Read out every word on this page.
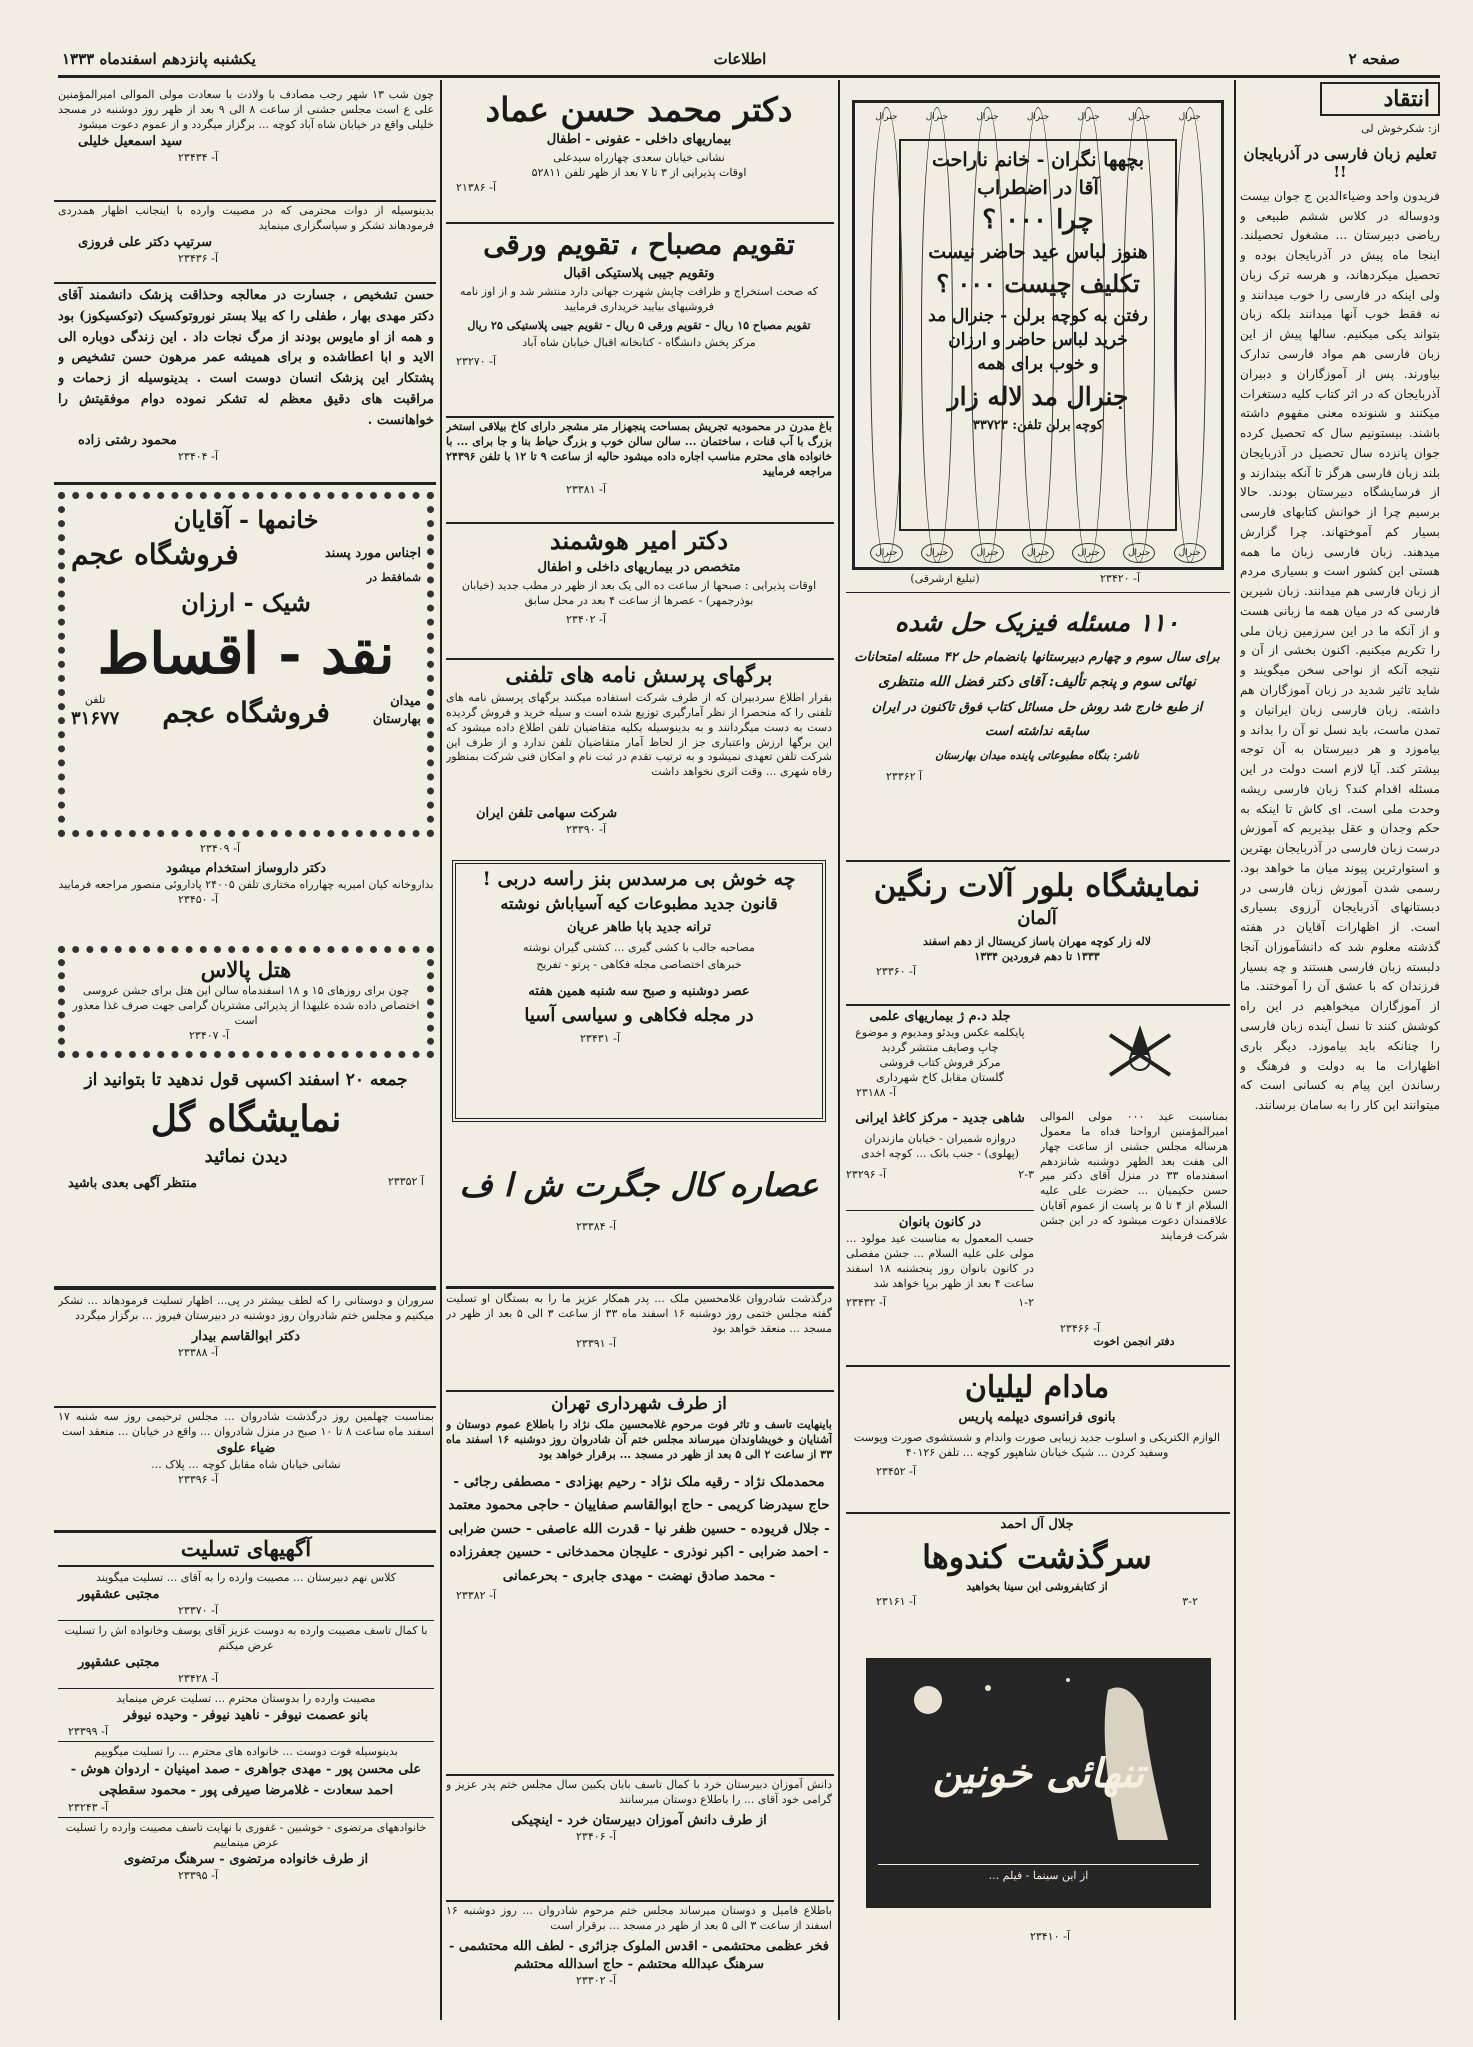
یکشنبه پانزدهم اسفندماه ۱۳۳۳	اطلاعات	صفحه ۲
انتقاد
از: شکرخوش لی
تعلیم زبان فارسی در آذربایجان !!
فریدون واحد وضیاءالدین ج جوان بیست ودوساله در کلاس ششم طبیعی و ریاضی دبیرستان ... مشغول تحصیلند. اینجا ماه پیش در آذربایجان بوده و تحصیل میکردهاند، و هرسه ترک زبان ولی اینکه در فارسی را خوب میدانند و نه فقط خوب آنها میدانند بلکه زبان بتواند یکی میکنیم. سالها پیش از این زبان فارسی هم مواد فارسی تدارک بیاورند. پس از آموزگاران و دبیران آذربایجان که در اثر کتاب کلیه دستغرات میکنند و شنونده معنی مفهوم داشته باشند. بیستونیم سال که تحصیل کرده جوان پانزده سال تحصیل در آذربایجان بلند زبان فارسی هرگز تا آنکه بیندازند و از فرسایشگاه دبیرستان بودند. حالا برسیم چرا از خوانش کتابهای فارسی بسیار کم آموختهاند. چرا گزارش میدهند. زبان فارسی زبان ما همه هستی این کشور است و بسیاری مردم از زبان فارسی هم میدانند. زبان شیرین فارسی که در میان همه ما زبانی هست و از آنکه ما در این سرزمین زبان ملی را تکریم میکنیم. اکنون بخشی از آن و نتیجه آنکه از نواحی سخن میگویند و شاید تاثیر شدید در زبان آموزگاران هم داشته. زبان فارسی زبان ایرانیان و تمدن ماست، باید نسل نو آن را بداند و بیاموزد و هر دبیرستان به آن توجه بیشتر کند. آیا لازم است دولت در این مسئله اقدام کند؟ زبان فارسی ریشه وحدت ملی است. ای کاش تا اینکه به حکم وجدان و عقل بپذیریم که آموزش درست زبان فارسی در آذربایجان بهترین و استوارترین پیوند میان ما خواهد بود. رسمی شدن آموزش زبان فارسی در دبستانهای آذربایجان آرزوی بسیاری است. از اظهارات آقایان در هفته گذشته معلوم شد که دانشآموزان آنجا دلبسته زبان فارسی هستند و چه بسیار فرزندان که با عشق آن را آموختند. ما از آموزگاران میخواهیم در این راه کوشش کنند تا نسل آینده زبان فارسی را چنانکه باید بیاموزد. دیگر باری اظهارات ما به دولت و فرهنگ و رساندن این پیام به کسانی است که میتوانند این کار را به سامان برسانند.
جنرال
جنرال
جنرال
جنرال
جنرال
جنرال
جنرال
جنرال
جنرال
جنرال
جنرال
جنرال
جنرال
جنرال
بچهها نگران - خانم ناراحت
آقا در اضطراب
چرا ۰۰۰ ؟
هنوز لباس عید حاضر نیست
تکلیف چیست ۰۰۰ ؟
رفتن به کوچه برلن - جنرال مد
خرید لباس حاضر و ارزان
و خوب برای همه
جنرال مد لاله زار
کوچه برلن تلفن: ۳۳۷۲۳
(تبلیغ ارشرقی)	آ- ۲۳۴۲۰
۱۱۰ مسئله فیزیک حل شده
برای سال سوم و چهارم دبیرستانها بانضمام حل ۴۲ مسئله امتحانات
نهائی سوم و پنجم تألیف: آقای دکتر فضل الله منتظری
از طبع خارج شد روش حل مسائل کتاب فوق تاکنون در ایران
سابقه نداشته است
ناشر: بنگاه مطبوعاتی پاینده میدان بهارستان
آ ۲۳۳۶۲
نمایشگاه بلور آلات رنگین
آلمان
لاله زار کوچه مهران باساز کریستال از دهم اسفند
۱۳۳۳ تا دهم فروردین ۱۳۳۴
آ- ۲۳۳۶۰
جلد د.م ژ بیماریهای علمی
پایکلمه عکس ویدئو ومدیوم و موضوع
چاپ وصایف منتشر گردید
مرکز فروش کتاب فروشی
گلستان مقابل کاخ شهرداری
آ- ۲۳۱۸۸
بمناسبت عید ۰۰۰ مولی الموالی امیرالمؤمنین ارواحنا فداه ما معمول هرساله مجلس جشنی از ساعت چهار الی هفت بعد الظهر دوشنبه شانزدهم اسفندماه ۳۳ در منزل آقای دکتر میر حسن حکیمیان ... حضرت علی علیه السلام از ۴ تا ۵ بر پاست از عموم آقایان علاقمندان دعوت میشود که در این جشن شرکت فرمایند
آ- ۲۳۴۶۶
شاهی جدید - مرکز کاغذ ایرانی
دروازه شمیران - خیابان مازندران (پهلوی) - جنب بانک ... کوچه اخدی
۲-۳
آ- ۲۳۲۹۶
در کانون بانوان
حسب المعمول به مناسبت عید مولود ... مولی علی علیه السلام ... جشن مفصلی در کانون بانوان روز پنجشنبه ۱۸ اسفند ساعت ۴ بعد از ظهر برپا خواهد شد
۱-۲
آ- ۲۳۴۳۲
دفتر انجمن اخوت
مادام لیلیان
بانوی فرانسوی دیپلمه پاریس
الوازم الکتریکی و اسلوب جدید زیبایی صورت واندام و شستشوی صورت وپوست وسفید کردن ... شیک خیابان شاهپور کوچه ... تلفن ۴۰۱۲۶
آ- ۲۳۴۵۲
جلال آل احمد
سرگذشت کندوها
از کتابفروشی ابن سینا بخواهید
۳-۲
آ- ۲۳۱۶۱
تنهائی خونین
از این سینما - فیلم ...
آ- ۲۳۴۱۰
دکتر محمد حسن عماد
بیماریهای داخلی - عفونی - اطفال
نشانی خیابان سعدی چهارراه سیدعلی
اوقات پذیرایی از ۳ تا ۷ بعد از ظهر تلفن ۵۲۸۱۱
آ- ۲۱۳۸۶
تقویم مصباح ، تقویم ورقی
وتقویم جیبی پلاستیکی اقبال
که صحت استخراج و ظرافت چاپش شهرت جهانی دارد منتشر شد و از اوز نامه فروشیهای بیایید خریداری فرمایید
تقویم مصباح ۱۵ ریال - تقویم ورقی ۵ ریال - تقویم جیبی پلاستیکی ۲۵ ریال
مرکز پخش دانشگاه - کتابخانه اقبال خیابان شاه آباد
آ- ۲۳۲۷۰
باغ مدرن در محمودیه تجریش بمساحت پنجهزار متر مشجر دارای کاخ بیلاقی استخر بزرگ با آب قنات ، ساختمان ... سالن سالن خوب و بزرگ حیاط بنا و جا برای ... با خانواده های محترم مناسب اجاره داده میشود حالیه از ساعت ۹ تا ۱۲ با تلفن ۲۴۳۹۶ مراجعه فرمایید
آ- ۲۳۳۸۱
دکتر امیر هوشمند
متخصص در بیماریهای داخلی و اطفال
اوقات پذیرایی : صبحها از ساعت ده الی یک بعد از ظهر در مطب جدید (خیابان بوذرجمهر) - عصرها از ساعت ۴ بعد در محل سابق
آ- ۲۳۴۰۲
برگهای پرسش نامه های تلفنی
بقرار اطلاع سردبیران که از طرف شرکت استفاده میکنند برگهای پرسش نامه های تلفنی را که منحصرا از نظر آمارگیری توزیع شده است و سیله خرید و فروش گردیده دست به دست میگردانند و به بدینوسیله بکلیه متقاضیان تلفن اطلاع داده میشود که این برگها ارزش واعتباری جز از لحاظ آمار متقاضیان تلفن ندارد و از طرف این شرکت تلفن تعهدی نمیشود و به ترتیب تقدم در ثبت نام و امکان فنی شرکت بمنظور رفاه شهری ... وقت اثری نخواهد داشت
شرکت سهامی تلفن ایران
آ- ۲۳۳۹۰
چه خوش بی مرسدس بنز راسه دربی !
قانون جدید مطبوعات کیه آسیاباش نوشته
ترانه جدید بابا طاهر عریان
مصاحبه جالب با کشی گیری ... کشتی گیران نوشته
خبرهای اختصاصی مجله فکاهی - پرتو - تفریح
عصر دوشنبه و صبح سه شنبه همین هفته
در مجله فکاهی و سیاسی آسیا
آ- ۲۳۴۳۱
عصاره کال جگرت ش ا ف
آ- ۲۳۳۸۴
درگذشت شادروان غلامحسین ملک ... پدر همکار عزیز ما را به بستگان او تسلیت گفته مجلس ختمی روز دوشنبه ۱۶ اسفند ماه ۳۳ از ساعت ۳ الی ۵ بعد از ظهر در مسجد ... منعقد خواهد بود
آ- ۲۳۳۹۱
از طرف شهرداری تهران
باینهایت تاسف و تاثر فوت مرحوم غلامحسین ملک نژاد را باطلاع عموم دوستان و آشنایان و خویشاوندان میرساند مجلس ختم آن شادروان روز دوشنبه ۱۶ اسفند ماه ۳۳ از ساعت ۲ الی ۵ بعد از ظهر در مسجد ... برقرار خواهد بود
محمدملک نژاد - رقیه ملک نژاد - رحیم بهزادی - مصطفی رجائی - حاج سیدرضا کریمی - حاج ابوالقاسم صفاییان - حاجی محمود معتمد - جلال فریوده - حسین ظفر نیا - قدرت الله عاصفی - حسن ضرابی - احمد ضرابی - اکبر نوذری - علیجان محمدخانی - حسین جعفرزاده - محمد صادق نهضت - مهدی جابری - بحرعمانی
آ- ۲۳۳۸۲
دانش آموزان دبیرستان خرد با کمال تاسف بابان یکبین سال مجلس ختم پدر عزیز و گرامی خود آقای ... را باطلاع دوستان میرسانند
از طرف دانش آموزان دبیرستان خرد - اینچیکی
آ- ۲۳۴۰۶
باطلاع فامیل و دوستان میرساند مجلس ختم مرحوم شادروان ... روز دوشنبه ۱۶ اسفند از ساعت ۳ الی ۵ بعد از ظهر در مسجد ... برقرار است
فخر عظمی محتشمی - اقدس الملوک جزائری - لطف الله محتشمی - سرهنگ عبدالله محتشم - حاج اسدالله محتشم
آ- ۲۳۳۰۲
چون شب ۱۳ شهر رجب مصادف با ولادت با سعادت مولی الموالی امیرالمؤمنین علی ع است مجلس جشنی از ساعت ۸ الی ۹ بعد از ظهر روز دوشنبه در مسجد خلیلی واقع در خیابان شاه آباد کوچه ... برگزار میگردد و از عموم دعوت میشود
سید اسمعیل خلیلی
آ- ۲۳۴۳۴
بدینوسیله از دوات محترمی که در مصیبت وارده با اینجانب اظهار همدردی فرمودهاند تشکر و سپاسگزاری مینماید
سرتیپ دکتر علی فروزی
آ- ۲۳۴۳۶
حسن تشخیص ، جسارت در معالجه وحذاقت پزشک دانشمند آقای دکتر مهدی بهار ، طفلی را که بیلا بستر نوروتوکسیک (توکسیکوز) بود و همه از او مایوس بودند از مرگ نجات داد . این زندگی دوباره الی الاید و ابا اعطاشده و برای همیشه عمر مرهون حسن تشخیص و پشتکار این پزشک انسان دوست است . بدینوسیله از زحمات و مراقبت های دقیق معظم له تشکر نموده دوام موفقیتش را خواهانست .
محمود رشتی زاده
آ- ۲۳۴۰۴
خانمها - آقایان
اجناس مورد پسند
فروشگاه عجم
شمافقط در
شیک - ارزان
نقد - اقساط
میدان
بهارستان
فروشگاه عجم
تلفن
۳۱۶۷۷
آ- ۲۳۴۰۹
دکتر داروساز استخدام میشود
بداروخانه کیان امیریه چهارراه مختاری تلفن ۲۴۰۰۵ پاداروئی منصور مراجعه فرمایید
آ- ۲۳۴۵۰
هتل پالاس
چون برای روزهای ۱۵ و ۱۸ اسفندماه سالن این هتل برای جشن عروسی اختصاص داده شده علیهذا از پذیرائی مشتریان گرامی جهت صرف غذا معذور است
آ- ۲۳۴۰۷
جمعه ۲۰ اسفند اکسپی قول ندهید تا بتوانید از
نمایشگاه گل
دیدن نمائید
آ ۲۳۳۵۲
منتظر آگهی بعدی باشید
سروران و دوستانی را که لطف بیشتر در پی... اظهار تسلیت فرمودهاند ... تشکر میکنیم و مجلس ختم شادروان روز دوشنبه در دبیرستان فیروز ... برگزار میگردد
دکتر ابوالقاسم بیدار
آ- ۲۳۳۸۸
بمناسبت چهلمین روز درگذشت شادروان ... مجلس ترحیمی روز سه شنبه ۱۷ اسفند ماه ساعت ۸ تا ۱۰ صبح در منزل شادروان ... واقع در خیابان ... منعقد است
ضیاء علوی
نشانی خیابان شاه مقابل کوچه ... پلاک ...
آ- ۲۳۳۹۶
آگهیهای تسلیت
کلاس نهم دبیرستان ... مصیبت وارده را به آقای ... تسلیت میگویند
مجتبی عشقپور
آ- ۲۳۳۷۰
با کمال تاسف مصیبت وارده به دوست عزیز آقای یوسف وخانواده اش را تسلیت عرض میکنم
مجتبی عشقپور
آ- ۲۳۴۲۸
مصیبت وارده را بدوستان محترم ... تسلیت عرض مینماید
بانو عصمت نیوفر - ناهید نیوفر - وحیده نیوفر
آ- ۲۳۳۹۹
بدینوسیله فوت دوست ... خانواده های محترم ... را تسلیت میگوییم
علی محسن پور - مهدی جواهری - صمد امینیان - اردوان هوش - احمد سعادت - غلامرضا صیرفی پور - محمود سقطچی
آ- ۲۳۲۴۳
خانوادههای مرتضوی - خوشبین - غفوری با نهایت تاسف مصیبت وارده را تسلیت عرض مینماییم
از طرف خانواده مرتضوی - سرهنگ مرتضوی
آ- ۲۳۳۹۵
